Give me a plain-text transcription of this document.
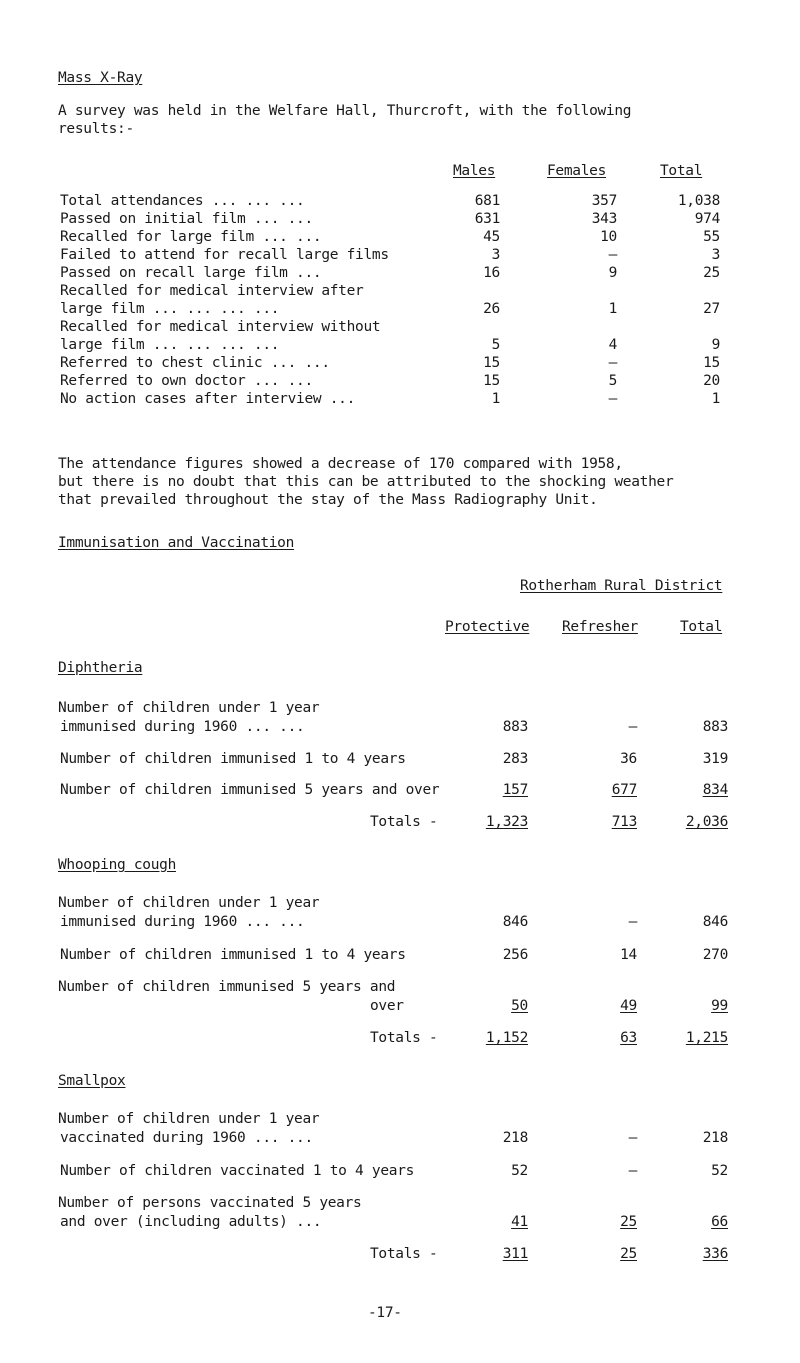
Mass X-Ray
A survey was held in the Welfare Hall, Thurcroft, with the following
results:-
Males	Females	Total
Total attendances ... ... ...	681	357	1,038
Passed on initial film ... ...	631	343	974
Recalled for large film ... ...	45	10	55
Failed to attend for recall large films	3	–	3
Passed on recall large film ...	16	9	25
Recalled for medical interview after
large film ... ... ... ...	26	1	27
Recalled for medical interview without
large film ... ... ... ...	5	4	9
Referred to chest clinic ... ...	15	–	15
Referred to own doctor ... ...	15	5	20
No action cases after interview ...	1	–	1
The attendance figures showed a decrease of 170 compared with 1958,
but there is no doubt that this can be attributed to the shocking weather
that prevailed throughout the stay of the Mass Radiography Unit.
Immunisation and Vaccination
Rotherham Rural District
Protective Refresher	Total
Diphtheria
Number of children under 1 year
immunised during 1960 ... ...	883	–	883
Number of children immunised 1 to 4 years	283	36	319
Number of children immunised 5 years and over	157	677	834
Totals -	1,323	713	2,036
Whooping cough
Number of children under 1 year
immunised during 1960 ... ...	846	–	846
Number of children immunised 1 to 4 years	256	14	270
Number of children immunised 5 years and
over	50	49	99
Totals -	1,152	63	1,215
Smallpox
Number of children under 1 year
vaccinated during 1960 ... ...	218	–	218
Number of children vaccinated 1 to 4 years	52	–	52
Number of persons vaccinated 5 years
and over (including adults) ...	41	25	66
Totals -	311	25	336
-17-
